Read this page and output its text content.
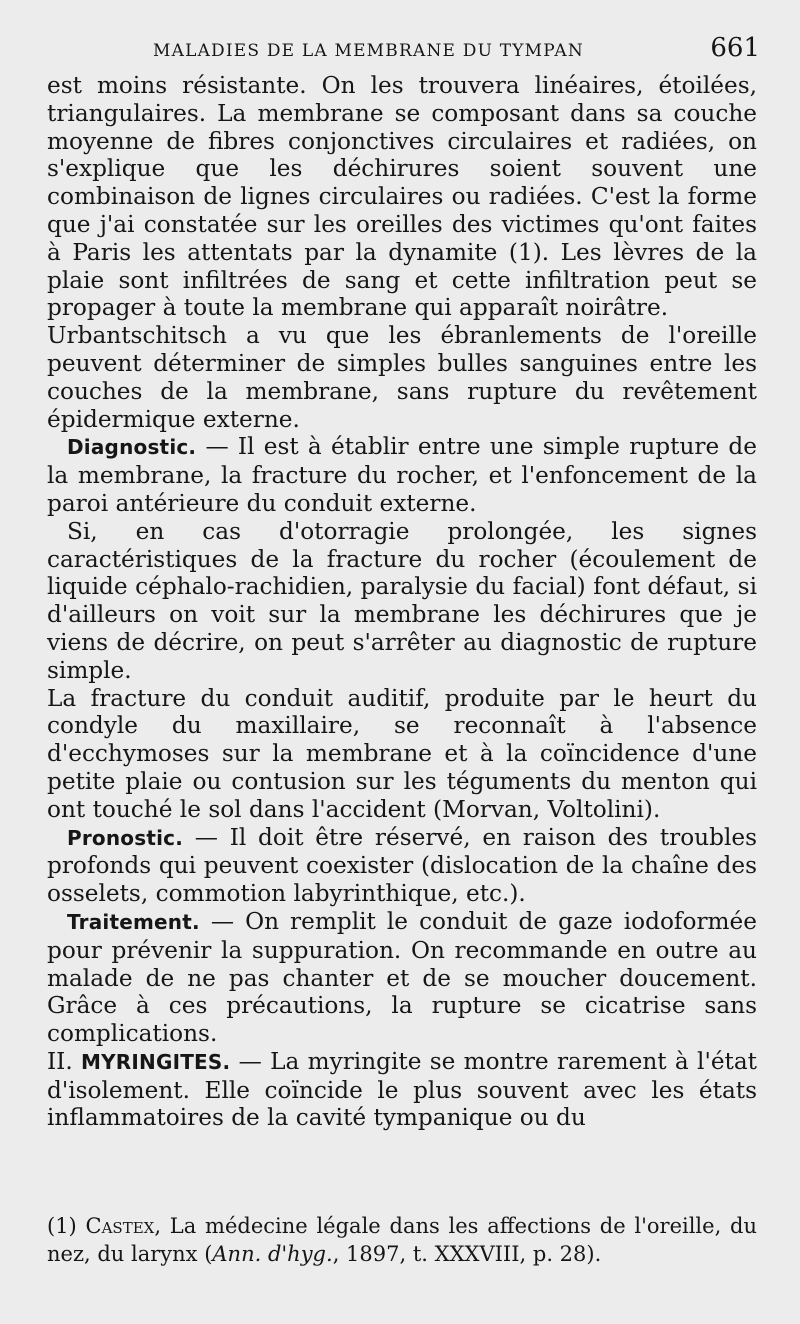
MALADIES DE LA MEMBRANE DU TYMPAN	661

est moins résistante. On les trouvera linéaires, étoilées, triangulaires. La membrane se composant dans sa couche moyenne de fibres conjonctives circulaires et radiées, on s'explique que les déchirures soient souvent une combinaison de lignes circulaires ou radiées. C'est la forme que j'ai constatée sur les oreilles des victimes qu'ont faites à Paris les attentats par la dynamite (1). Les lèvres de la plaie sont infiltrées de sang et cette infiltration peut se propager à toute la membrane qui apparaît noirâtre.

Urbantschitsch a vu que les ébranlements de l'oreille peuvent déterminer de simples bulles sanguines entre les couches de la membrane, sans rupture du revêtement épidermique externe.

Diagnostic. — Il est à établir entre une simple rupture de la membrane, la fracture du rocher, et l'enfoncement de la paroi antérieure du conduit externe.

Si, en cas d'otorragie prolongée, les signes caractéristiques de la fracture du rocher (écoulement de liquide céphalo-rachidien, paralysie du facial) font défaut, si d'ailleurs on voit sur la membrane les déchirures que je viens de décrire, on peut s'arrêter au diagnostic de rupture simple.

La fracture du conduit auditif, produite par le heurt du condyle du maxillaire, se reconnaît à l'absence d'ecchymoses sur la membrane et à la coïncidence d'une petite plaie ou contusion sur les téguments du menton qui ont touché le sol dans l'accident (Morvan, Voltolini).

Pronostic. — Il doit être réservé, en raison des troubles profonds qui peuvent coexister (dislocation de la chaîne des osselets, commotion labyrinthique, etc.).

Traitement. — On remplit le conduit de gaze iodoformée pour prévenir la suppuration. On recommande en outre au malade de ne pas chanter et de se moucher doucement. Grâce à ces précautions, la rupture se cicatrise sans complications.

II. MYRINGITES. — La myringite se montre rarement à l'état d'isolement. Elle coïncide le plus souvent avec les états inflammatoires de la cavité tympanique ou du

(1) Castex, La médecine légale dans les affections de l'oreille, du nez, du larynx (Ann. d'hyg., 1897, t. XXXVIII, p. 28).
